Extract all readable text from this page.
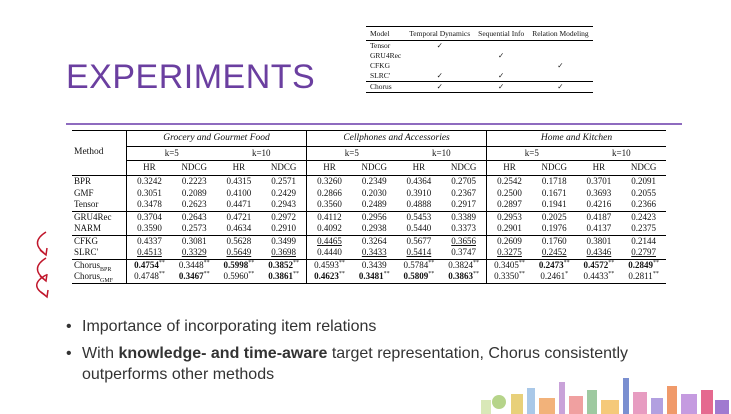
EXPERIMENTS
Model	Temporal Dynamics	Sequential Info	Relation Modeling
Tensor	✓		
GRU4Rec		✓	
CFKG			✓
SLRC'	✓	✓	
Chorus	✓	✓	✓
Method	Grocery and Gourmet Food				Cellphones and Accessories				Home and Kitchen			
	k=5		k=10		k=5		k=10		k=5		k=10	
	HR	NDCG	HR	NDCG	HR	NDCG	HR	NDCG	HR	NDCG	HR	NDCG
BPR	0.3242	0.2223	0.4315	0.2571	0.3260	0.2349	0.4364	0.2705	0.2542	0.1718	0.3701	0.2091
GMF	0.3051	0.2089	0.4100	0.2429	0.2866	0.2030	0.3910	0.2367	0.2500	0.1671	0.3693	0.2055
Tensor	0.3478	0.2623	0.4471	0.2943	0.3560	0.2489	0.4888	0.2917	0.2897	0.1941	0.4216	0.2366
GRU4Rec	0.3704	0.2643	0.4721	0.2972	0.4112	0.2956	0.5453	0.3389	0.2953	0.2025	0.4187	0.2423
NARM	0.3590	0.2573	0.4634	0.2910	0.4092	0.2938	0.5440	0.3373	0.2901	0.1976	0.4137	0.2375
CFKG	0.4337	0.3081	0.5628	0.3499	0.4465	0.3264	0.5677	0.3656	0.2609	0.1760	0.3801	0.2144
SLRC'	0.4513	0.3329	0.5649	0.3698	0.4440	0.3433	0.5414	0.3747	0.3275	0.2452	0.4346	0.2797
Chorus$_{BPR}$	0.4754**	0.3448**	0.5998**	0.3852**	0.4593**	0.3439	0.5784**	0.3824**	0.3405**	0.2473**	0.4572**	0.2849**
Chorus$_{GMF}$	0.4748**	0.3467**	0.5960**	0.3861**	0.4623**	0.3481**	0.5809**	0.3863**	0.3350**	0.2461*	0.4433**	0.2811**
• Importance of incorporating item relations
• With knowledge- and time-aware target representation, Chorus consistently outperforms other methods
